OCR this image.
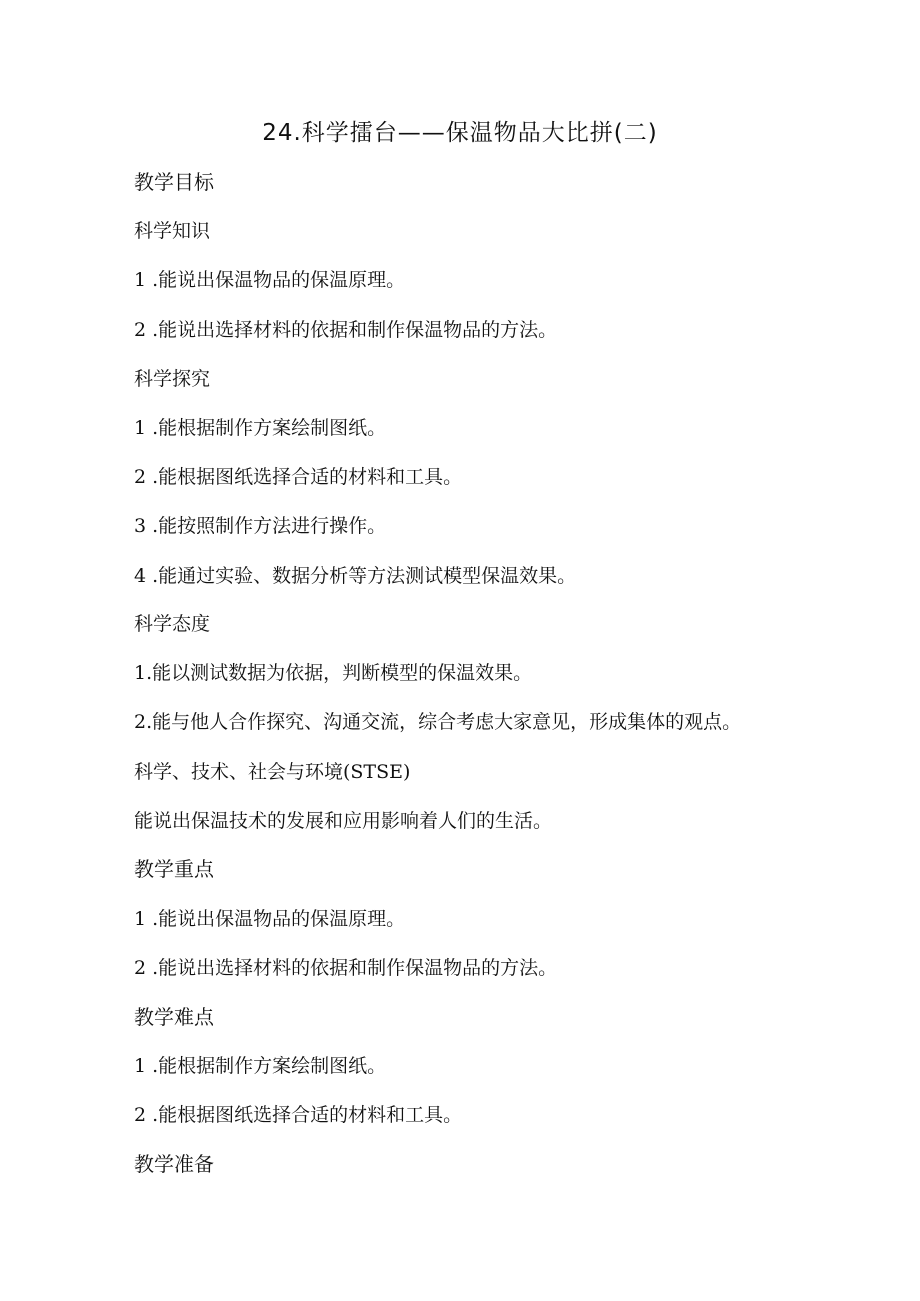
24.科学擂台——保温物品大比拼(二)
教学目标
科学知识
1 .能说出保温物品的保温原理。
2 .能说出选择材料的依据和制作保温物品的方法。
科学探究
1 .能根据制作方案绘制图纸。
2 .能根据图纸选择合适的材料和工具。
3 .能按照制作方法进行操作。
4 .能通过实验、数据分析等方法测试模型保温效果。
科学态度
1.能以测试数据为依据，判断模型的保温效果。
2.能与他人合作探究、沟通交流，综合考虑大家意见，形成集体的观点。
科学、技术、社会与环境(STSE)
能说出保温技术的发展和应用影响着人们的生活。
教学重点
1 .能说出保温物品的保温原理。
2 .能说出选择材料的依据和制作保温物品的方法。
教学难点
1 .能根据制作方案绘制图纸。
2 .能根据图纸选择合适的材料和工具。
教学准备
